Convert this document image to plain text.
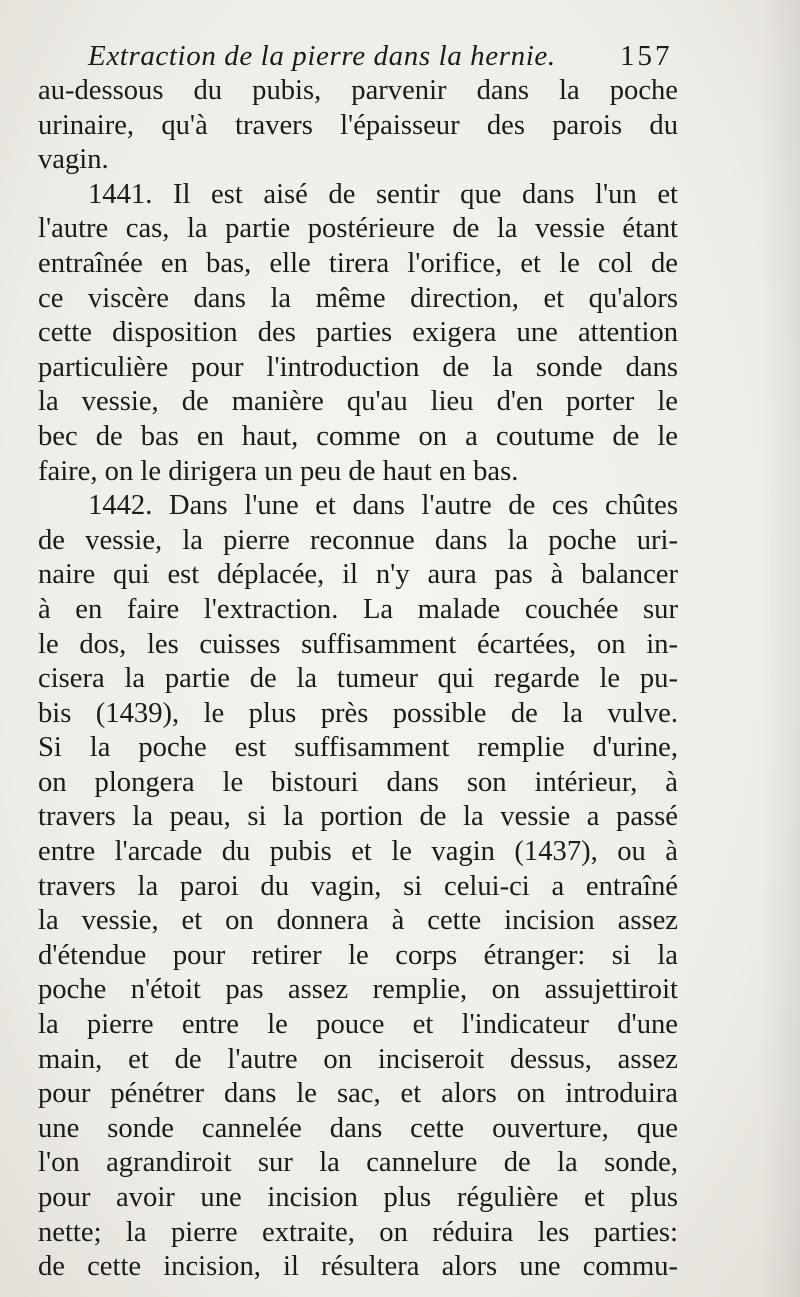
Extraction de la pierre dans la hernie. 157
au-dessous du pubis, parvenir dans la poche
urinaire, qu'à travers l'épaisseur des parois du
vagin.
1441. Il est aisé de sentir que dans l'un et
l'autre cas, la partie postérieure de la vessie étant
entraînée en bas, elle tirera l'orifice, et le col de
ce viscère dans la même direction, et qu'alors
cette disposition des parties exigera une attention
particulière pour l'introduction de la sonde dans
la vessie, de manière qu'au lieu d'en porter le
bec de bas en haut, comme on a coutume de le
faire, on le dirigera un peu de haut en bas.
1442. Dans l'une et dans l'autre de ces chûtes
de vessie, la pierre reconnue dans la poche uri-
naire qui est déplacée, il n'y aura pas à balancer
à en faire l'extraction. La malade couchée sur
le dos, les cuisses suffisamment écartées, on in-
cisera la partie de la tumeur qui regarde le pu-
bis (1439), le plus près possible de la vulve.
Si la poche est suffisamment remplie d'urine,
on plongera le bistouri dans son intérieur, à
travers la peau, si la portion de la vessie a passé
entre l'arcade du pubis et le vagin (1437), ou à
travers la paroi du vagin, si celui-ci a entraîné
la vessie, et on donnera à cette incision assez
d'étendue pour retirer le corps étranger: si la
poche n'étoit pas assez remplie, on assujettiroit
la pierre entre le pouce et l'indicateur d'une
main, et de l'autre on inciseroit dessus, assez
pour pénétrer dans le sac, et alors on introduira
une sonde cannelée dans cette ouverture, que
l'on agrandiroit sur la cannelure de la sonde,
pour avoir une incision plus régulière et plus
nette; la pierre extraite, on réduira les parties:
de cette incision, il résultera alors une commu-
